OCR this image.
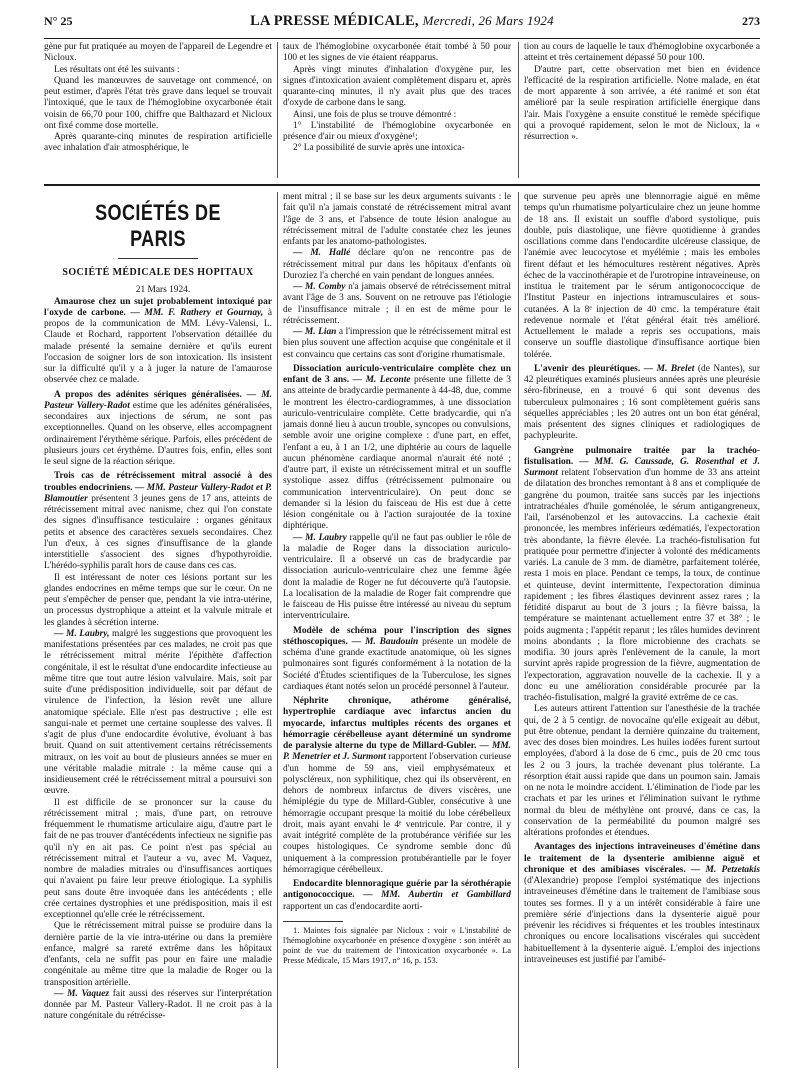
N° 25	LA PRESSE MÉDICALE, Mercredi, 26 Mars 1924	273

gène pur fut pratiquée au moyen de l'appareil de Legendre et Nicloux.

Les résultats ont été les suivants :

Quand les manœuvres de sauvetage ont commencé, on peut estimer, d'après l'état très grave dans lequel se trouvait l'intoxiqué, que le taux de l'hémoglobine oxycarbonée était voisin de 66,70 pour 100, chiffre que Balthazard et Nicloux ont fixé comme dose mortelle.

Après quarante-cinq minutes de respiration artificielle avec inhalation d'air atmosphérique, le

taux de l'hémoglobine oxycarbonée était tombé à 50 pour 100 et les signes de vie étaient réapparus.

Après vingt minutes d'inhalation d'oxygène pur, les signes d'intoxication avaient complètement disparu et, après quarante-cinq minutes, il n'y avait plus que des traces d'oxyde de carbone dans le sang.

Ainsi, une fois de plus se trouve démontré :

1° L'instabilité de l'hémoglobine oxycarbonée en présence d'air ou mieux d'oxygène¹;

2° La possibilité de survie après une intoxica-

tion au cours de laquelle le taux d'hémoglobine oxycarbonée a atteint et très certainement dépassé 50 pour 100.

D'autre part, cette observation met bien en évidence l'efficacité de la respiration artificielle. Notre malade, en état de mort apparente à son arrivée, a été ranimé et son état amélioré par la seule respiration artificielle énergique dans l'air. Mais l'oxygène a ensuite constitué le remède spécifique qui a provoqué rapidement, selon le mot de Nicloux, la « résurrection ».

SOCIÉTÉS DE PARIS
SOCIÉTÉ MÉDICALE DES HOPITAUX

21 Mars 1924.

Amaurose chez un sujet probablement intoxiqué par l'oxyde de carbone. — MM. F. Rathery et Gournay, à propos de la communication de MM. Lévy-Valensi, L. Claude et Rochard, rapportent l'observation détaillée du malade présenté la semaine dernière et qu'ils eurent l'occasion de soigner lors de son intoxication. Ils insistent sur la difficulté qu'il y a à juger la nature de l'amaurose observée chez ce malade.

A propos des adénites sériques généralisées. — M. Pasteur Vallery-Radot estime que les adénites généralisées, secondaires aux injections de sérum, ne sont pas exceptionnelles. Quand on les observe, elles accompagnent ordinairement l'érythème sérique. Parfois, elles précèdent de plusieurs jours cet érythème. D'autres fois, enfin, elles sont le seul signe de la réaction sérique.

Trois cas de rétrécissement mitral associé à des troubles endocriniens. — MM. Pasteur Vallery-Radot et P. Blamoutier présentent 3 jeunes gens de 17 ans, atteints de rétrécissement mitral avec nanisme, chez qui l'on constate des signes d'insuffisance testiculaire : organes génitaux petits et absence des caractères sexuels secondaires. Chez l'un d'eux, à ces signes d'insuffisance de la glande interstitielle s'associent des signes d'hypothyroïdie. L'hérédo-syphilis paraît hors de cause dans ces cas.

Il est intéressant de noter ces lésions portant sur les glandes endocrines en même temps que sur le cœur. On ne peut s'empêcher de penser que, pendant la vie intra-utérine, un processus dystrophique a atteint et la valvule mitrale et les glandes à sécrétion interne.

— M. Laubry, malgré les suggestions que provoquent les manifestations présentées par ces malades, ne croit pas que le rétrécissement mitral mérite l'épithète d'affection congénitale, il est le résultat d'une endocardite infectieuse au même titre que tout autre lésion valvulaire. Mais, soit par suite d'une prédisposition individuelle, soit par défaut de virulence de l'infection, la lésion revêt une allure anatomique spéciale. Elle n'est pas destructive ; elle est sangui-nale et permet une certaine souplesse des valves. Il s'agit de plus d'une endocardite évolutive, évoluant à bas bruit. Quand on suit attentivement certains rétrécissements mitraux, on les voit au bout de plusieurs années se muer en une véritable maladie mitrale : la même cause qui a insidieusement créé le rétrécissement mitral a poursuivi son œuvre.

Il est difficile de se prononcer sur la cause du rétrécissement mitral ; mais, d'une part, on retrouve fréquemment le rhumatisme articulaire aigu, d'autre part le fait de ne pas trouver d'antécédents infectieux ne signifie pas qu'il n'y en ait pas. Ce point n'est pas spécial au rétrécissement mitral et l'auteur a vu, avec M. Vaquez, nombre de maladies mitrales ou d'insuffisances aortiques qui n'avaient pu faire leur preuve étiologique. La syphilis peut sans doute être invoquée dans les antécédents ; elle crée certaines dystrophies et une prédisposition, mais il est exceptionnel qu'elle crée le rétrécissement.

Que le rétrécissement mitral puisse se produire dans la dernière partie de la vie intra-utérine ou dans la première enfance, malgré sa rareté extrême dans les hôpitaux d'enfants, cela ne suffit pas pour en faire une maladie congénitale au même titre que la maladie de Roger ou la transposition artérielle.

— M. Vaquez fait aussi des réserves sur l'interprétation donnée par M. Pasteur Vallery-Radot. Il ne croit pas à la nature congénitale du rétrécisse-

ment mitral ; il se base sur les deux arguments suivants : le fait qu'il n'a jamais constaté de rétrécissement mitral avant l'âge de 3 ans, et l'absence de toute lésion analogue au rétrécissement mitral de l'adulte constatée chez les jeunes enfants par les anatomo-pathologistes.

— M. Hallé déclare qu'on ne rencontre pas de rétrécissement mitral pur dans les hôpitaux d'enfants où Duroziez l'a cherché en vain pendant de longues années.

— M. Comby n'a jamais observé de rétrécissement mitral avant l'âge de 3 ans. Souvent on ne retrouve pas l'étiologie de l'insuffisance mitrale ; il en est de même pour le rétrécissement.

— M. Lian a l'impression que le rétrécissement mitral est bien plus souvent une affection acquise que congénitale et il est convaincu que certains cas sont d'origine rhumatismale.

Dissociation auriculo-ventriculaire complète chez un enfant de 3 ans. — M. Leconte présente une fillette de 3 ans atteinte de bradycardie permanente à 44-48, due, comme le montrent les électro-cardiogrammes, à une dissociation auriculo-ventriculaire complète. Cette bradycardie, qui n'a jamais donné lieu à aucun trouble, syncopes ou convulsions, semble avoir une origine complexe : d'une part, en effet, l'enfant a eu, à 1 an 1/2, une diphtérie au cours de laquelle aucun phénomène cardiaque anormal n'aurait été noté ; d'autre part, il existe un rétrécissement mitral et un souffle systolique assez diffus (rétrécissement pulmonaire ou communication interventriculaire). On peut donc se demander si la lésion du faisceau de His est due à cette lésion congénitale ou à l'action surajoutée de la toxine diphtérique.

— M. Laubry rappelle qu'il ne faut pas oublier le rôle de la maladie de Roger dans la dissociation auriculo-ventriculaire. Il a observé un cas de bradycardie par dissociation auriculo-ventriculaire chez une femme âgée dont la maladie de Roger ne fut découverte qu'à l'autopsie. La localisation de la maladie de Roger fait comprendre que le faisceau de His puisse être intéressé au niveau du septum interventriculaire.

Modèle de schéma pour l'inscription des signes stéthoscopiques. — M. Baudouin présente un modèle de schéma d'une grande exactitude anatomique, où les signes pulmonaires sont figurés conformément à la notation de la Société d'Études scientifiques de la Tuberculose, les signes cardiaques étant notés selon un procédé personnel à l'auteur.

Néphrite chronique, athérome généralisé, hypertrophie cardiaque avec infarctus ancien du myocarde, infarctus multiples récents des organes et hémorragie cérébelleuse ayant déterminé un syndrome de paralysie alterne du type de Millard-Gubler. — MM. P. Menetrier et J. Surmont rapportent l'observation curieuse d'un homme de 59 ans, vieil emphysémateux et polyscléreux, non syphilitique, chez qui ils observèrent, en dehors de nombreux infarctus de divers viscères, une hémiplégie du type de Millard-Gubler, consécutive à une hémorragie occupant presque la moitié du lobe cérébelleux droit, mais ayant envahi le 4ᵉ ventricule. Par contre, il y avait intégrité complète de la protubérance vérifiée sur les coupes histologiques. Ce syndrome semble donc dû uniquement à la compression protubérantielle par le foyer hémorragique cérébelleux.

Endocardite blennoragique guérie par la sérothérapie antigonococcique. — MM. Aubertin et Gambillard rapportent un cas d'endocardite aorti-

1. Maintes fois signalée par Nicloux : voir « L'instabilité de l'hémoglobine oxycarbonée en présence d'oxygène : son intérêt au point de vue du traitement de l'intoxication oxycarbonée ». La Presse Médicale, 15 Mars 1917, n° 16, p. 153.

que survenue peu après une blennorragie aiguë en même temps qu'un rhumatisme polyarticulaire chez un jeune homme de 18 ans. Il existait un souffle d'abord systolique, puis double, puis diastolique, une fièvre quotidienne à grandes oscillations comme dans l'endocardite ulcéreuse classique, de l'anémie avec leucocytose et myélémie ; mais les emboles firent défaut et les hémocultures restèrent négatives. Après échec de la vaccinothérapie et de l'urotropine intraveineuse, on institua le traitement par le sérum antigonococcique de l'Institut Pasteur en injections intramusculaires et sous-cutanées. A la 8ᵉ injection de 40 cmc. la température était redevenue normale et l'état général était très amélioré. Actuellement le malade a repris ses occupations, mais conserve un souffle diastolique d'insuffisance aortique bien tolérée.

L'avenir des pleurétiques. — M. Brelet (de Nantes), sur 42 pleurétiques examinés plusieurs années après une pleurésie séro-fibrineuse, en a trouvé 6 qui sont devenus des tuberculeux pulmonaires ; 16 sont complètement guéris sans séquelles appréciables ; les 20 autres ont un bon état général, mais présentent des signes cliniques et radiologiques de pachypleurite.

Gangrène pulmonaire traitée par la trachéo-fistulisation. — MM. G. Caussade, G. Rosenthal et J. Surmont relatent l'observation d'un homme de 33 ans atteint de dilatation des bronches remontant à 8 ans et compliquée de gangrène du poumon, traitée sans succès par les injections intratrachéales d'huile goménolée, le sérum antigangreneux, l'ail, l'arsénobenzol et les autovaccins. La cachexie était prononcée, les membres inférieurs œdématiés, l'expectoration très abondante, la fièvre élevée. La trachéo-fistulisation fut pratiquée pour permettre d'injecter à volonté des médicaments variés. La canule de 3 mm. de diamètre, parfaitement tolérée, resta 1 mois en place. Pendant ce temps, la toux, de continue et quinteuse, devint intermittente, l'expectoration diminua rapidement ; les fibres élastiques devinrent assez rares ; la fétidité disparut au bout de 3 jours ; la fièvre baissa, la température se maintenant actuellement entre 37 et 38° ; le poids augmenta ; l'appétit reparut ; les râles humides devinrent moins abondants ; la flore microbienne des crachats se modifia. 30 jours après l'enlèvement de la canule, la mort survint après rapide progression de la fièvre, augmentation de l'expectoration, aggravation nouvelle de la cachexie. Il y a donc eu une amélioration considérable procurée par la trachéo-fistulisation, malgré la gravité extrême de ce cas.

Les auteurs attirent l'attention sur l'anesthésie de la trachée qui, de 2 à 5 centigr. de novocaïne qu'elle exigeait au début, put être obtenue, pendant la dernière quinzaine du traitement, avec des doses bien moindres. Les huiles iodées furent surtout employées, d'abord à la dose de 6 cmc., puis de 20 cmc tous les 2 ou 3 jours, la trachée devenant plus tolérante. La résorption était aussi rapide que dans un poumon sain. Jamais on ne nota le moindre accident. L'élimination de l'iode par les crachats et par les urines et l'élimination suivant le rythme normal du bleu de méthylène ont prouvé, dans ce cas, la conservation de la perméabilité du poumon malgré ses altérations profondes et étendues.

Avantages des injections intraveineuses d'émétine dans le traitement de la dysenterie amibienne aiguë et chronique et des amibiases viscérales. — M. Petzetakis (d'Alexandrie) propose l'emploi systématique des injections intraveineuses d'émétine dans le traitement de l'amibiase sous toutes ses formes. Il y a un intérêt considérable à faire une première série d'injections dans la dysenterie aiguë pour prévenir les récidives si fréquentes et les troubles intestinaux chroniques ou encore localisations viscérales qui succèdent habituellement à la dysenterie aiguë. L'emploi des injections intraveineuses est justifié par l'amibé-
